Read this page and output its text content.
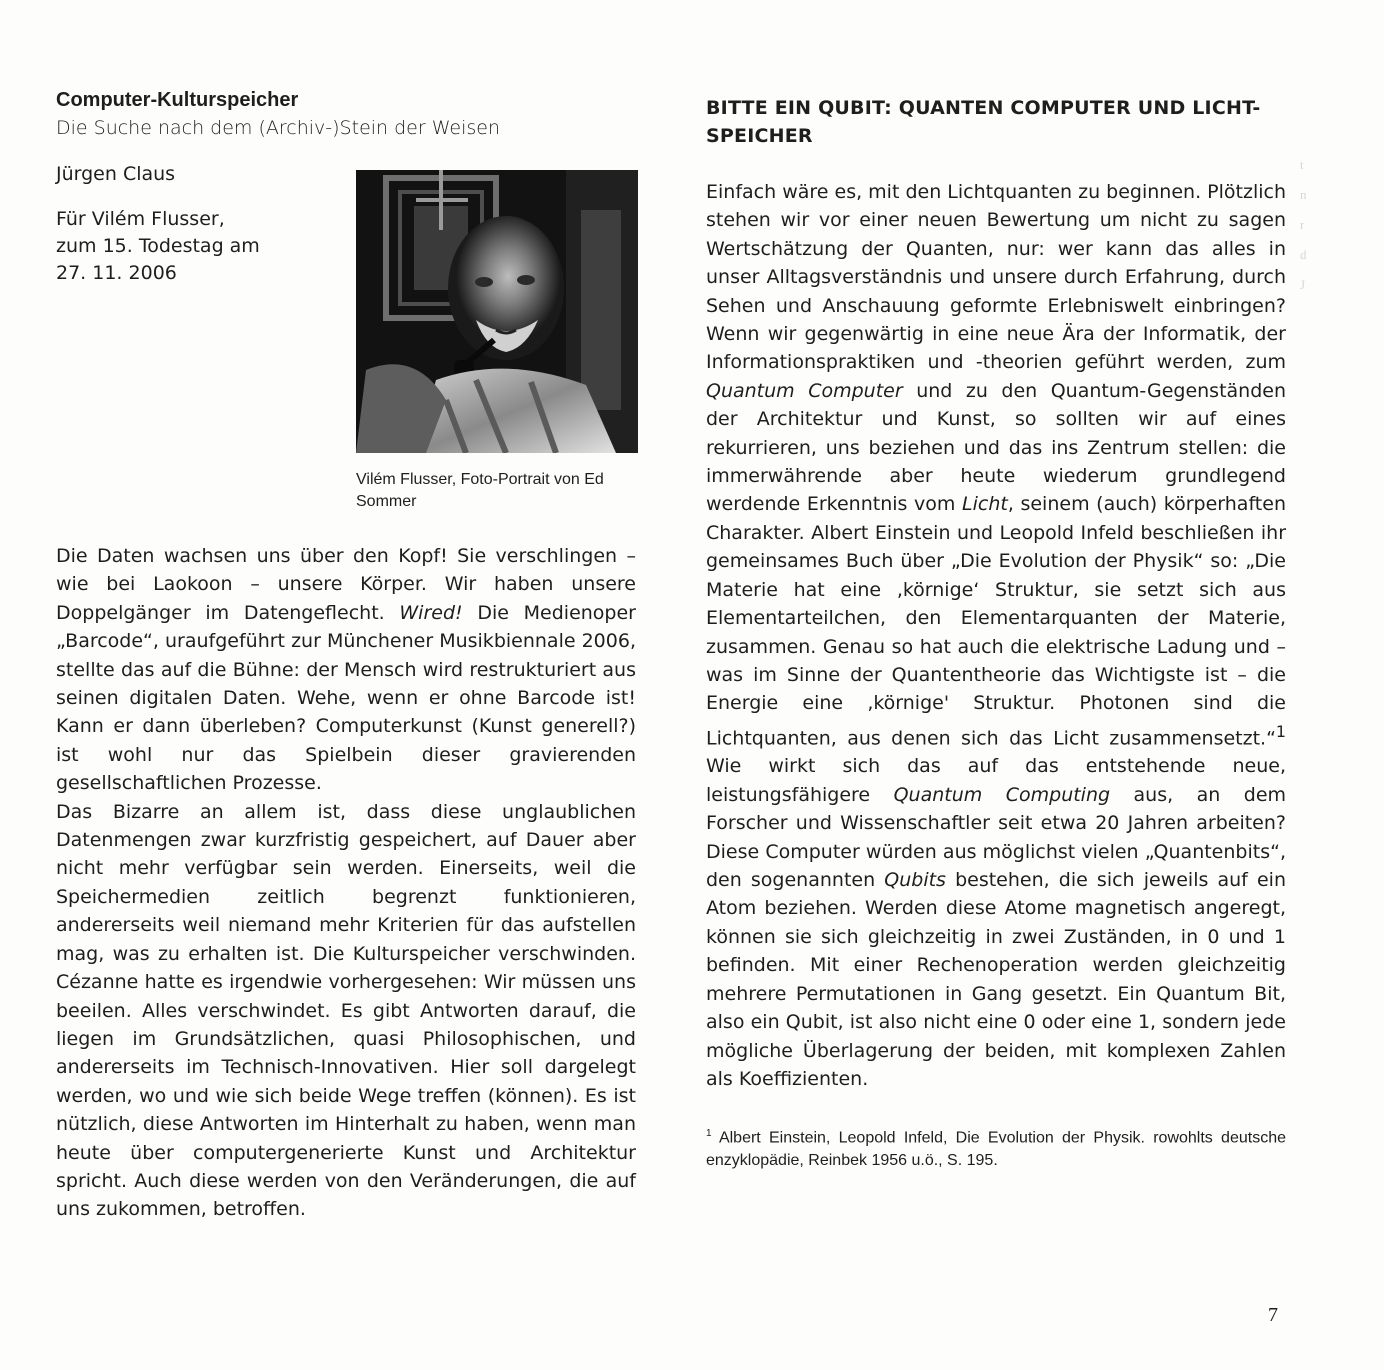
Computer-Kulturspeicher

Die Suche nach dem (Archiv-)Stein der Weisen

Jürgen Claus

Für Vilém Flusser,
zum 15. Todestag am
27. 11. 2006

Vilém Flusser, Foto-Portrait von Ed Sommer

Die Daten wachsen uns über den Kopf! Sie verschlingen – wie bei Laokoon – unsere Körper. Wir haben unsere Doppelgänger im Datengeflecht. Wired! Die Medienoper „Barcode“, uraufgeführt zur Münchener Musikbiennale 2006, stellte das auf die Bühne: der Mensch wird restrukturiert aus seinen digitalen Daten. Wehe, wenn er ohne Barcode ist! Kann er dann überleben? Computerkunst (Kunst generell?) ist wohl nur das Spielbein dieser gravierenden gesellschaftlichen Prozesse.

Das Bizarre an allem ist, dass diese unglaublichen Datenmengen zwar kurzfristig gespeichert, auf Dauer aber nicht mehr verfügbar sein werden. Einerseits, weil die Speichermedien zeitlich begrenzt funktionieren, andererseits weil niemand mehr Kriterien für das aufstellen mag, was zu erhalten ist. Die Kulturspeicher verschwinden. Cézanne hatte es irgendwie vorhergesehen: Wir müssen uns beeilen. Alles verschwindet. Es gibt Antworten darauf, die liegen im Grundsätzlichen, quasi Philosophischen, und andererseits im Technisch-Innovativen. Hier soll dargelegt werden, wo und wie sich beide Wege treffen (können). Es ist nützlich, diese Antworten im Hinterhalt zu haben, wenn man heute über computergenerierte Kunst und Architektur spricht. Auch diese werden von den Veränderungen, die auf uns zukommen, betroffen.

BITTE EIN QUBIT: QUANTEN COMPUTER UND LICHT-SPEICHER

Einfach wäre es, mit den Lichtquanten zu beginnen. Plötzlich stehen wir vor einer neuen Bewertung um nicht zu sagen Wertschätzung der Quanten, nur: wer kann das alles in unser Alltagsverständnis und unsere durch Erfahrung, durch Sehen und Anschauung geformte Erlebniswelt einbringen? Wenn wir gegenwärtig in eine neue Ära der Informatik, der Informationspraktiken und -theorien geführt werden, zum Quantum Computer und zu den Quantum-Gegenständen der Architektur und Kunst, so sollten wir auf eines rekurrieren, uns beziehen und das ins Zentrum stellen: die immerwährende aber heute wiederum grundlegend werdende Erkenntnis vom Licht, seinem (auch) körperhaften Charakter. Albert Einstein und Leopold Infeld beschließen ihr gemeinsames Buch über „Die Evolution der Physik“ so: „Die Materie hat eine ‚körnige‘ Struktur, sie setzt sich aus Elementarteilchen, den Elementarquanten der Materie, zusammen. Genau so hat auch die elektrische Ladung und – was im Sinne der Quantentheorie das Wichtigste ist – die Energie eine ‚körnige' Struktur. Photonen sind die Lichtquanten, aus denen sich das Licht zusammensetzt.“$^1$ Wie wirkt sich das auf das entstehende neue, leistungsfähigere Quantum Computing aus, an dem Forscher und Wissenschaftler seit etwa 20 Jahren arbeiten? Diese Computer würden aus möglichst vielen „Quantenbits“, den sogenannten Qubits bestehen, die sich jeweils auf ein Atom beziehen. Werden diese Atome magnetisch angeregt, können sie sich gleichzeitig in zwei Zuständen, in 0 und 1 befinden. Mit einer Rechenoperation werden gleichzeitig mehrere Permutationen in Gang gesetzt. Ein Quantum Bit, also ein Qubit, ist also nicht eine 0 oder eine 1, sondern jede mögliche Überlagerung der beiden, mit komplexen Zahlen als Koeffizienten.

$^1$ Albert Einstein, Leopold Infeld, Die Evolution der Physik. rowohlts deutsche enzyklopädie, Reinbek 1956 u.ö., S. 195.
t
n
r
d
J
7
